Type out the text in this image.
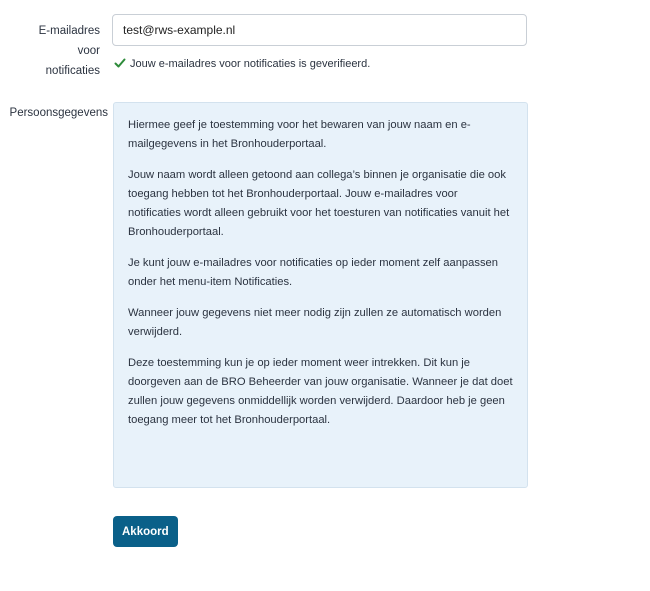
E-mailadres
voor
notificaties
test@rws-example.nl
Jouw e-mailadres voor notificaties is geverifieerd.
Persoonsgegevens

Hiermee geef je toestemming voor het bewaren van jouw naam en e-mailgegevens in het Bronhouderportaal.

Jouw naam wordt alleen getoond aan collega’s binnen je organisatie die ook toegang hebben tot het Bronhouderportaal. Jouw e-mailadres voor notificaties wordt alleen gebruikt voor het toesturen van notificaties vanuit het Bronhouderportaal.

Je kunt jouw e-mailadres voor notificaties op ieder moment zelf aanpassen onder het menu-item Notificaties.

Wanneer jouw gegevens niet meer nodig zijn zullen ze automatisch worden verwijderd.

Deze toestemming kun je op ieder moment weer intrekken. Dit kun je doorgeven aan de BRO Beheerder van jouw organisatie. Wanneer je dat doet zullen jouw gegevens onmiddellijk worden verwijderd. Daardoor heb je geen toegang meer tot het Bronhouderportaal.

Akkoord
